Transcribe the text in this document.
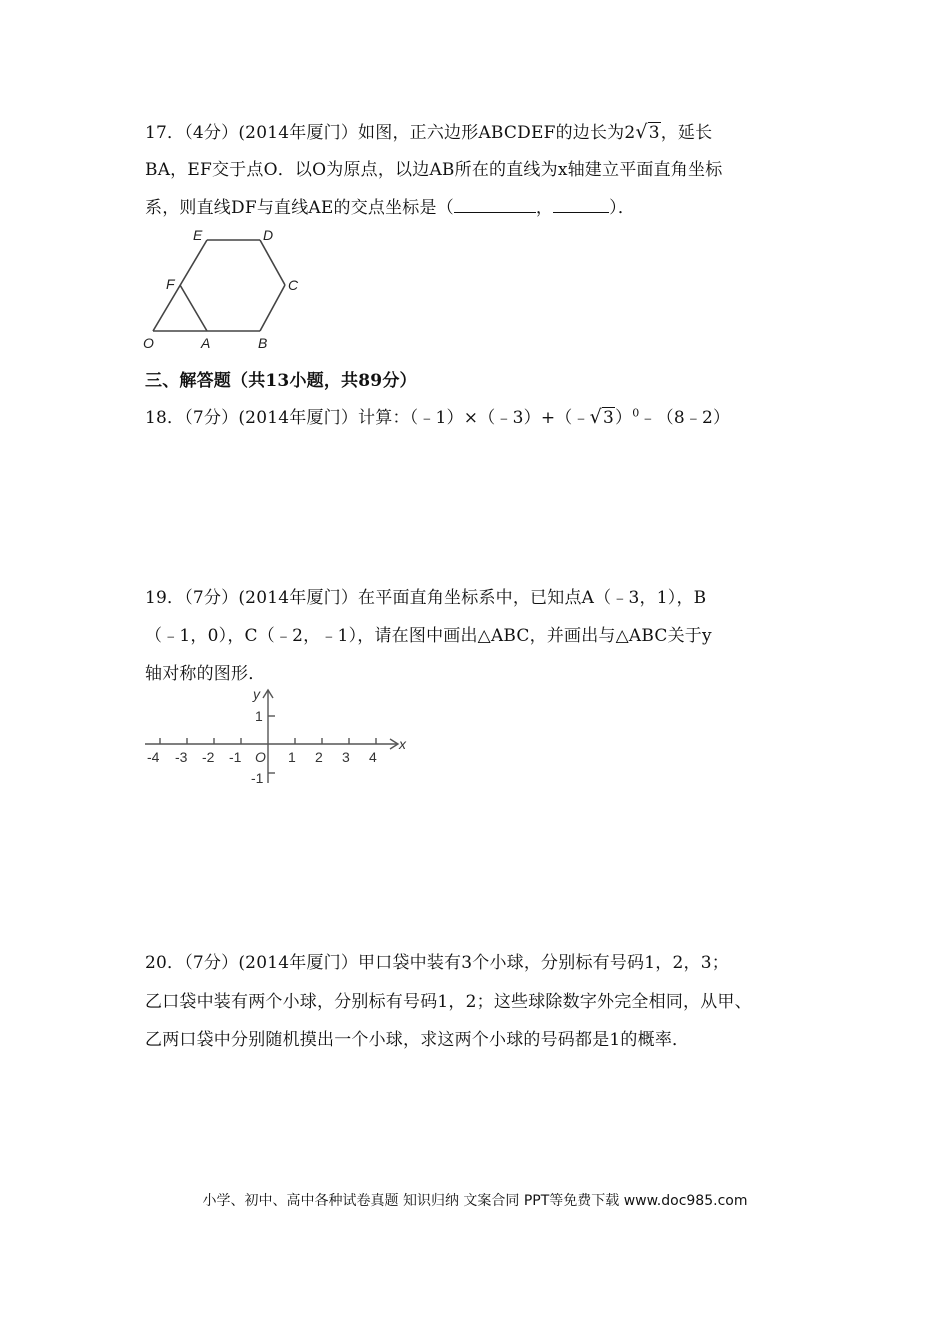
17．（4分）(2014年厦门）如图，正六边形ABCDEF的边长为2√3，延长
BA，EF交于点O．以O为原点，以边AB所在的直线为x轴建立平面直角坐标
系，则直线DF与直线AE的交点坐标是（	，	）．
E	D
F	C
O	A	B
三、解答题（共13小题，共89分）
18．（7分）(2014年厦门）计算：（﹣1）×（﹣3）+（﹣√3）$^0$﹣（8﹣2）
19．（7分）(2014年厦门）在平面直角坐标系中，已知点A（﹣3，1），B
（﹣1，0），C（﹣2，﹣1），请在图中画出△ABC，并画出与△ABC关于y
轴对称的图形．
x
y
O
1
-1
-4 -3 -2 -1	1 2 3 4
20．（7分）(2014年厦门）甲口袋中装有3个小球，分别标有号码1，2，3；
乙口袋中装有两个小球，分别标有号码1，2；这些球除数字外完全相同，从甲、
乙两口袋中分别随机摸出一个小球，求这两个小球的号码都是1的概率．
小学、初中、高中各种试卷真题 知识归纳 文案合同 PPT等免费下载 www.doc985.com
